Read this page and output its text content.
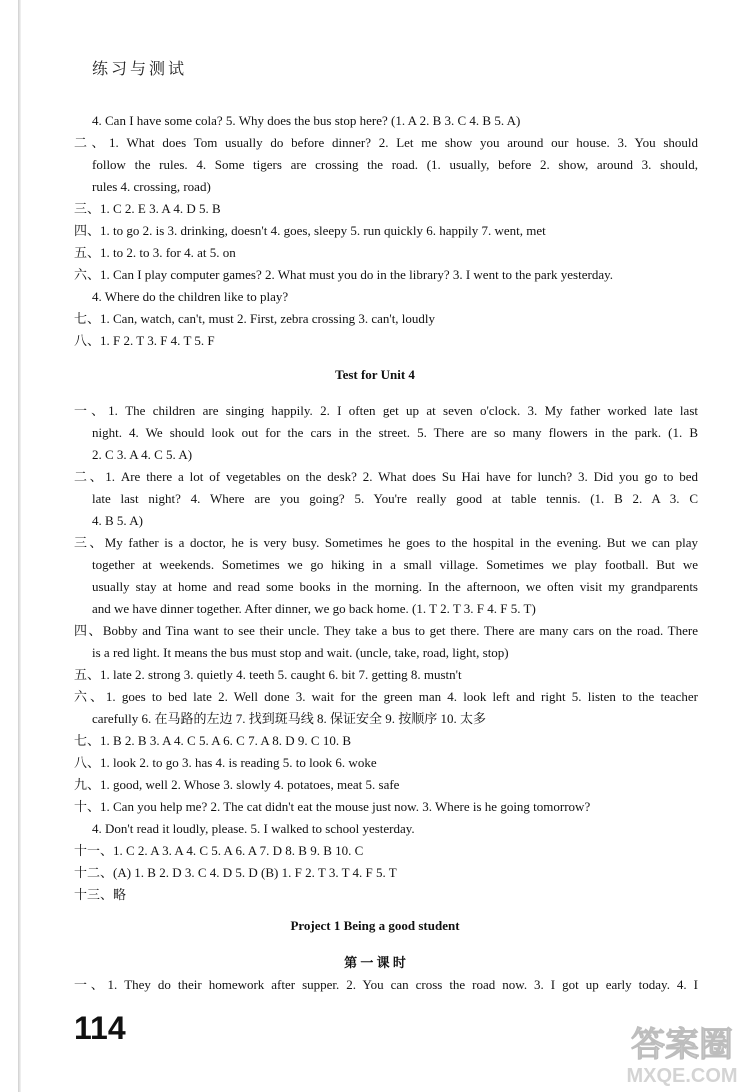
练习与测试
4. Can I have some cola? 5. Why does the bus stop here? (1. A 2. B 3. C 4. B 5. A)
二、1. What does Tom usually do before dinner? 2. Let me show you around our house. 3. You should
follow the rules. 4. Some tigers are crossing the road. (1. usually, before 2. show, around 3. should,
rules 4. crossing, road)
三、1. C 2. E 3. A 4. D 5. B
四、1. to go 2. is 3. drinking, doesn't 4. goes, sleepy 5. run quickly 6. happily 7. went, met
五、1. to 2. to 3. for 4. at 5. on
六、1. Can I play computer games? 2. What must you do in the library? 3. I went to the park yesterday.
4. Where do the children like to play?
七、1. Can, watch, can't, must 2. First, zebra crossing 3. can't, loudly
八、1. F 2. T 3. F 4. T 5. F
Test for Unit 4
一、1. The children are singing happily. 2. I often get up at seven o'clock. 3. My father worked late last
night. 4. We should look out for the cars in the street. 5. There are so many flowers in the park. (1. B
2. C 3. A 4. C 5. A)
二、1. Are there a lot of vegetables on the desk? 2. What does Su Hai have for lunch? 3. Did you go to bed
late last night? 4. Where are you going? 5. You're really good at table tennis. (1. B 2. A 3. C
4. B 5. A)
三、My father is a doctor, he is very busy. Sometimes he goes to the hospital in the evening. But we can play
together at weekends. Sometimes we go hiking in a small village. Sometimes we play football. But we
usually stay at home and read some books in the morning. In the afternoon, we often visit my grandparents
and we have dinner together. After dinner, we go back home. (1. T 2. T 3. F 4. F 5. T)
四、Bobby and Tina want to see their uncle. They take a bus to get there. There are many cars on the road. There
is a red light. It means the bus must stop and wait. (uncle, take, road, light, stop)
五、1. late 2. strong 3. quietly 4. teeth 5. caught 6. bit 7. getting 8. mustn't
六、1. goes to bed late 2. Well done 3. wait for the green man 4. look left and right 5. listen to the teacher
carefully 6. 在马路的左边 7. 找到斑马线 8. 保证安全 9. 按顺序 10. 太多
七、1. B 2. B 3. A 4. C 5. A 6. C 7. A 8. D 9. C 10. B
八、1. look 2. to go 3. has 4. is reading 5. to look 6. woke
九、1. good, well 2. Whose 3. slowly 4. potatoes, meat 5. safe
十、1. Can you help me? 2. The cat didn't eat the mouse just now. 3. Where is he going tomorrow?
4. Don't read it loudly, please. 5. I walked to school yesterday.
十一、1. C 2. A 3. A 4. C 5. A 6. A 7. D 8. B 9. B 10. C
十二、(A) 1. B 2. D 3. C 4. D 5. D (B) 1. F 2. T 3. T 4. F 5. T
十三、略
Project 1 Being a good student
第 一 课 时
一、1. They do their homework after supper. 2. You can cross the road now. 3. I got up early today. 4. I
114	答案圈
MXQE.COM
